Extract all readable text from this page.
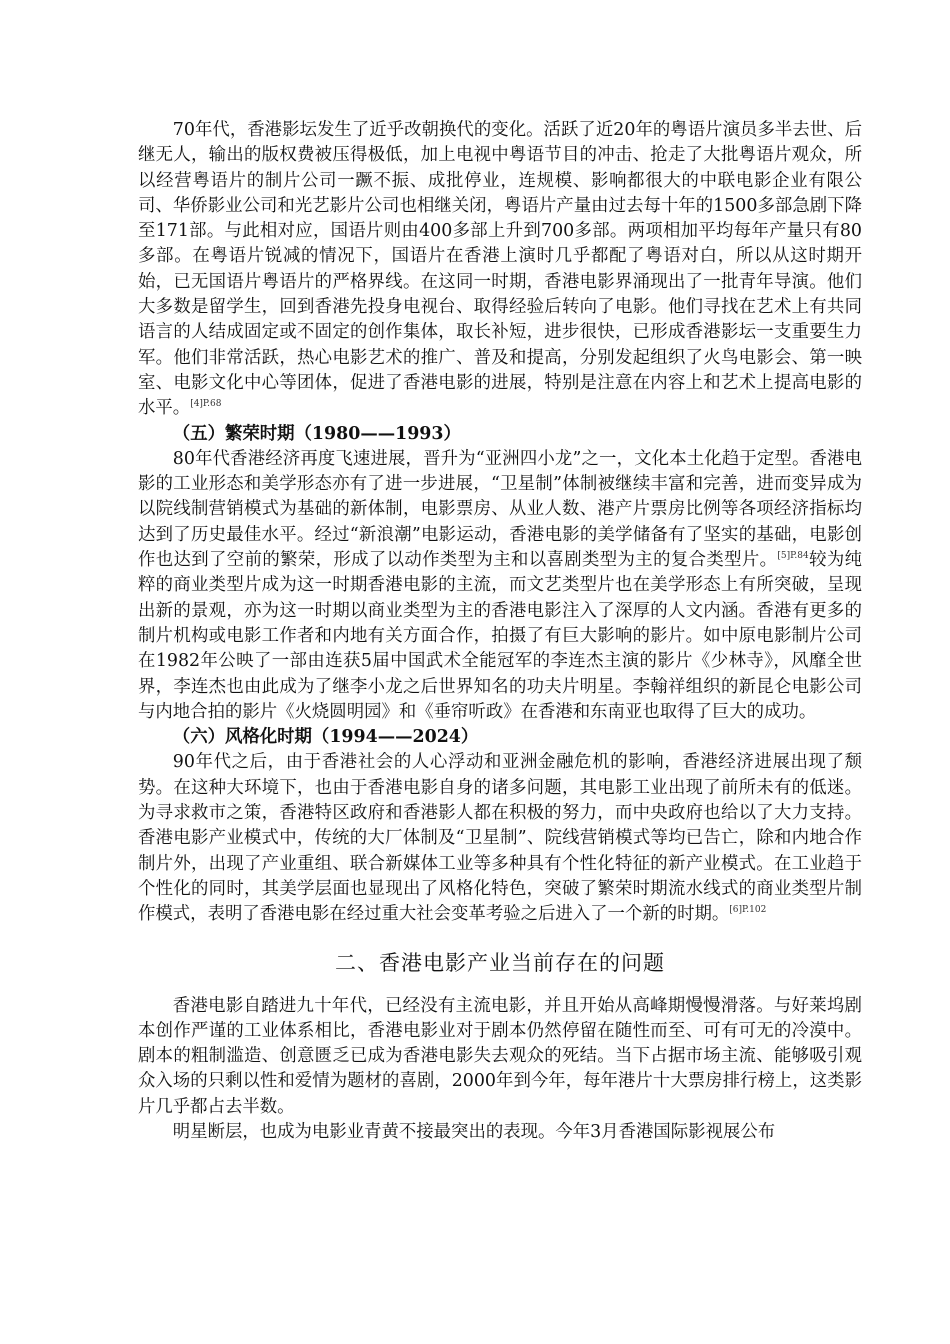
70年代，香港影坛发生了近乎改朝换代的变化。活跃了近20年的粤语片演员多半去世、后继无人，输出的版权费被压得极低，加上电视中粤语节目的冲击、抢走了大批粤语片观众，所以经营粤语片的制片公司一蹶不振、成批停业，连规模、影响都很大的中联电影企业有限公司、华侨影业公司和光艺影片公司也相继关闭，粤语片产量由过去每十年的1500多部急剧下降至171部。与此相对应，国语片则由400多部上升到700多部。两项相加平均每年产量只有80多部。在粤语片锐减的情况下，国语片在香港上演时几乎都配了粤语对白，所以从这时期开始，已无国语片粤语片的严格界线。在这同一时期，香港电影界涌现出了一批青年导演。他们大多数是留学生，回到香港先投身电视台、取得经验后转向了电影。他们寻找在艺术上有共同语言的人结成固定或不固定的创作集体，取长补短，进步很快，已形成香港影坛一支重要生力军。他们非常活跃，热心电影艺术的推广、普及和提高，分别发起组织了火鸟电影会、第一映室、电影文化中心等团体，促进了香港电影的进展，特别是注意在内容上和艺术上提高电影的水平。$^{[4]P.68}$

（五）繁荣时期（1980——1993）

80年代香港经济再度飞速进展，晋升为“亚洲四小龙”之一，文化本土化趋于定型。香港电影的工业形态和美学形态亦有了进一步进展，“卫星制”体制被继续丰富和完善，进而变异成为以院线制营销模式为基础的新体制，电影票房、从业人数、港产片票房比例等各项经济指标均达到了历史最佳水平。经过“新浪潮”电影运动，香港电影的美学储备有了坚实的基础，电影创作也达到了空前的繁荣，形成了以动作类型为主和以喜剧类型为主的复合类型片。$^{[5]P.84}$较为纯粹的商业类型片成为这一时期香港电影的主流，而文艺类型片也在美学形态上有所突破，呈现出新的景观，亦为这一时期以商业类型为主的香港电影注入了深厚的人文内涵。香港有更多的制片机构或电影工作者和内地有关方面合作，拍摄了有巨大影响的影片。如中原电影制片公司在1982年公映了一部由连获5届中国武术全能冠军的李连杰主演的影片《少林寺》，风靡全世界，李连杰也由此成为了继李小龙之后世界知名的功夫片明星。李翰祥组织的新昆仑电影公司与内地合拍的影片《火烧圆明园》和《垂帘听政》在香港和东南亚也取得了巨大的成功。

（六）风格化时期（1994——2024）

90年代之后，由于香港社会的人心浮动和亚洲金融危机的影响，香港经济进展出现了颓势。在这种大环境下，也由于香港电影自身的诸多问题，其电影工业出现了前所未有的低迷。为寻求救市之策，香港特区政府和香港影人都在积极的努力，而中央政府也给以了大力支持。香港电影产业模式中，传统的大厂体制及“卫星制”、院线营销模式等均已告亡，除和内地合作制片外，出现了产业重组、联合新媒体工业等多种具有个性化特征的新产业模式。在工业趋于个性化的同时，其美学层面也显现出了风格化特色，突破了繁荣时期流水线式的商业类型片制作模式，表明了香港电影在经过重大社会变革考验之后进入了一个新的时期。$^{[6]P.102}$

二、香港电影产业当前存在的问题

香港电影自踏进九十年代，已经没有主流电影，并且开始从高峰期慢慢滑落。与好莱坞剧本创作严谨的工业体系相比，香港电影业对于剧本仍然停留在随性而至、可有可无的冷漠中。剧本的粗制滥造、创意匮乏已成为香港电影失去观众的死结。当下占据市场主流、能够吸引观众入场的只剩以性和爱情为题材的喜剧，2000年到今年，每年港片十大票房排行榜上，这类影片几乎都占去半数。

明星断层，也成为电影业青黄不接最突出的表现。今年3月香港国际影视展公布
